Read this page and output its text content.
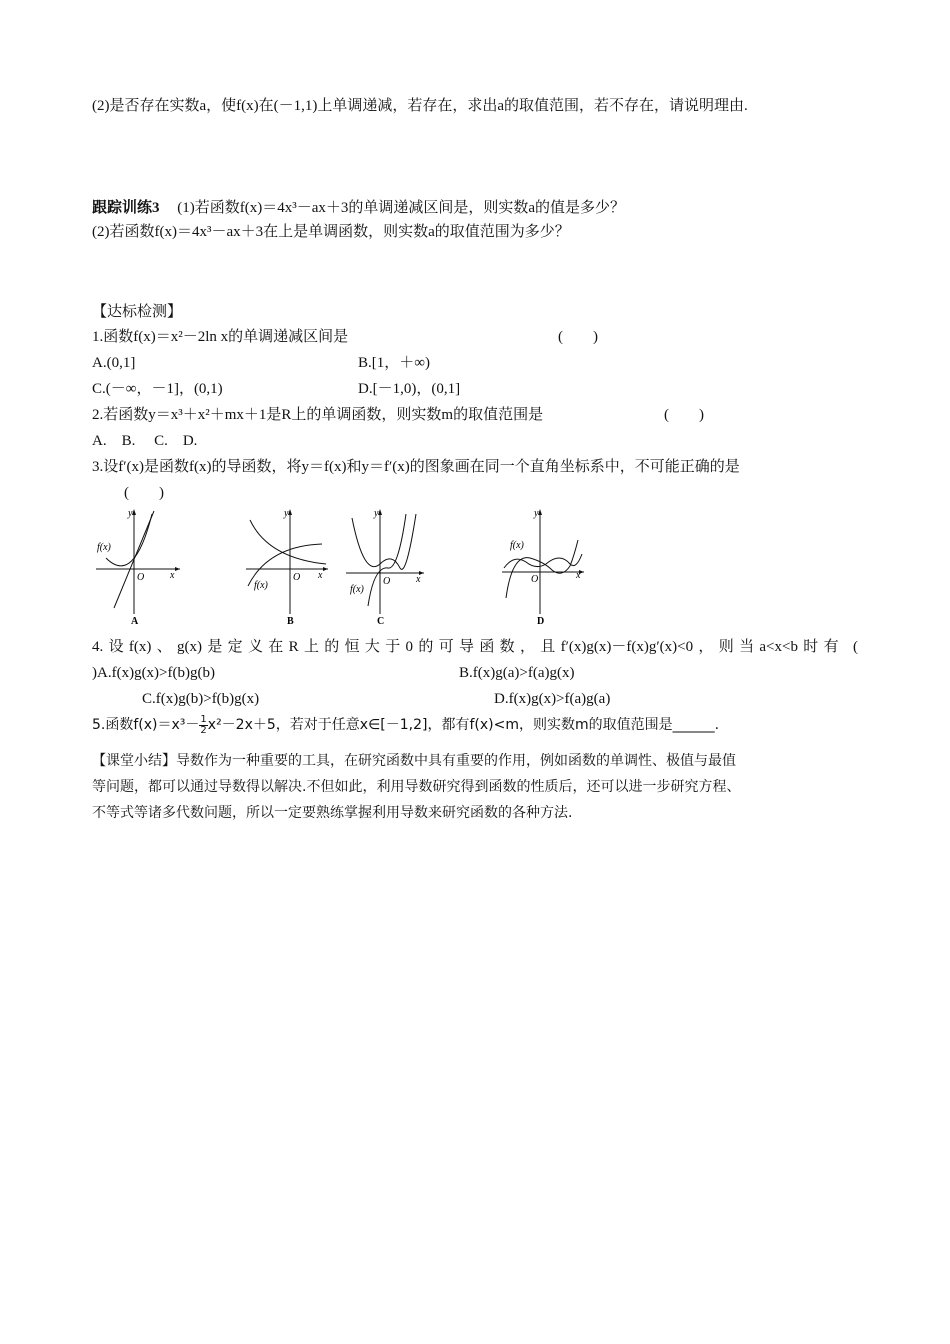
(2)是否存在实数a，使f(x)在(－1,1)上单调递减，若存在，求出a的取值范围，若不存在，请说明理由.
跟踪训练3 (1)若函数f(x)＝4x³－ax＋3的单调递减区间是，则实数a的值是多少？
(2)若函数f(x)＝4x³－ax＋3在上是单调函数，则实数a的取值范围为多少？
【达标检测】
1.函数f(x)＝x²－2ln x的单调递减区间是	(　　)
A.(0,1]	B.[1，＋∞)
C.(－∞，－1]，(0,1)	D.[－1,0)，(0,1]
2.若函数y＝x³＋x²＋mx＋1是R上的单调函数，则实数m的取值范围是	(　　)
A.　B.　 C.　D.
3.设f′(x)是函数f(x)的导函数，将y＝f(x)和y＝f′(x)的图象画在同一个直角坐标系中，不可能正确的是
(　　)
y
x
O
f(x)
A
y
x
O
f(x)
B
y
x
O
f(x)
C
y
x
O
f(x)
D
4.设f(x)、g(x)是定义在R上的恒大于0的可导函数，且f′(x)g(x)－f(x)g′(x)<0，则当a<x<b时有 (
)A.f(x)g(x)>f(b)g(b)	B.f(x)g(a)>f(a)g(x)
C.f(x)g(b)>f(b)g(x)	D.f(x)g(x)>f(a)g(a)
5.函数$f(x)=x^3- \frac{1}{2} x^2-2x+5$，若对于任意x∈[－1,2]，都有f(x)<m，则实数m的取值范围是______.
【课堂小结】导数作为一种重要的工具，在研究函数中具有重要的作用，例如函数的单调性、极值与最值
等问题，都可以通过导数得以解决.不但如此，利用导数研究得到函数的性质后，还可以进一步研究方程、
不等式等诸多代数问题，所以一定要熟练掌握利用导数来研究函数的各种方法.
